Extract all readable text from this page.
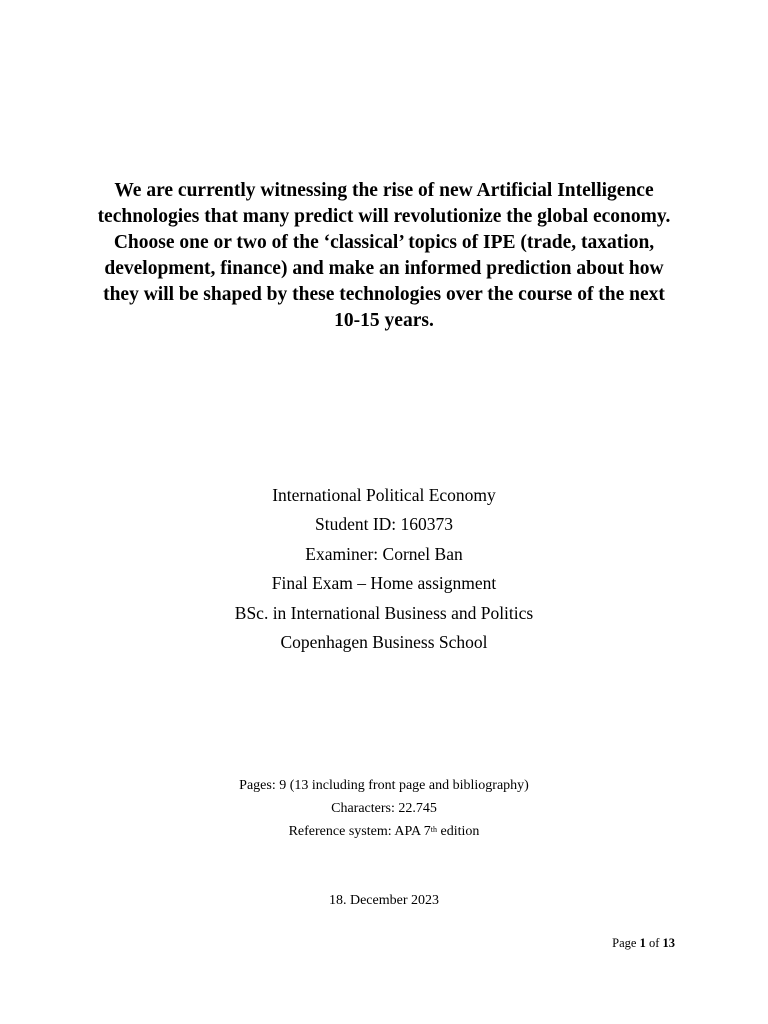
We are currently witnessing the rise of new Artificial Intelligence technologies that many predict will revolutionize the global economy. Choose one or two of the ‘classical’ topics of IPE (trade, taxation, development, finance) and make an informed prediction about how they will be shaped by these technologies over the course of the next 10-15 years.

International Political Economy
Student ID: 160373
Examiner: Cornel Ban
Final Exam – Home assignment
BSc. in International Business and Politics
Copenhagen Business School
Pages: 9 (13 including front page and bibliography)
Characters: 22.745
Reference system: APA 7th edition
18. December 2023
Page 1 of 13
